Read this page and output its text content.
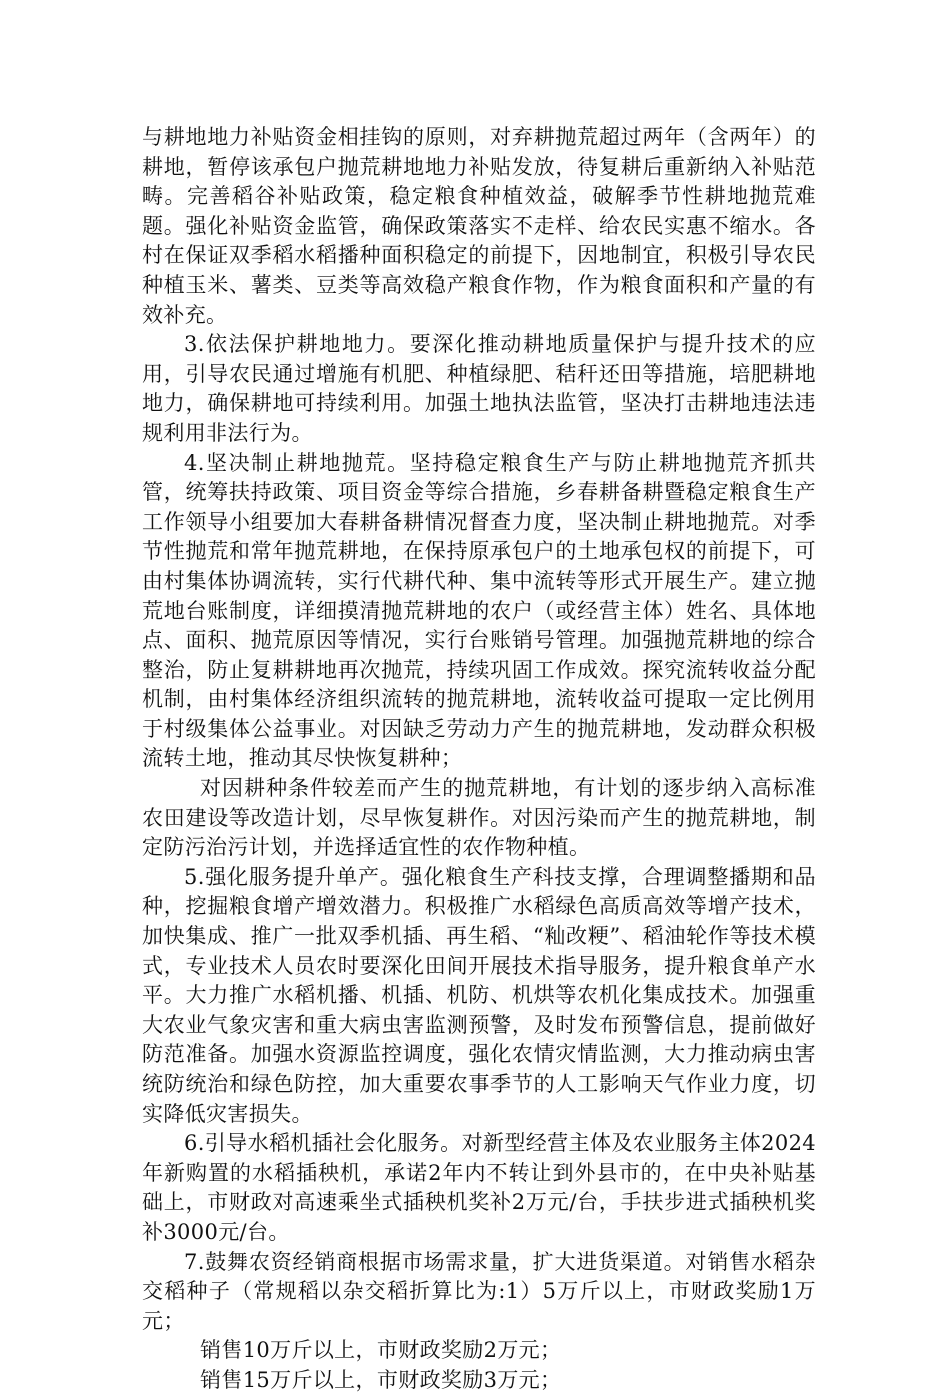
与耕地地力补贴资金相挂钩的原则，对弃耕抛荒超过两年（含两年）的耕地，暂停该承包户抛荒耕地地力补贴发放，待复耕后重新纳入补贴范畴。完善稻谷补贴政策，稳定粮食种植效益，破解季节性耕地抛荒难题。强化补贴资金监管，确保政策落实不走样、给农民实惠不缩水。各村在保证双季稻水稻播种面积稳定的前提下，因地制宜，积极引导农民种植玉米、薯类、豆类等高效稳产粮食作物，作为粮食面积和产量的有效补充。

3.依法保护耕地地力。要深化推动耕地质量保护与提升技术的应用，引导农民通过增施有机肥、种植绿肥、秸秆还田等措施，培肥耕地地力，确保耕地可持续利用。加强土地执法监管，坚决打击耕地违法违规利用非法行为。

4.坚决制止耕地抛荒。坚持稳定粮食生产与防止耕地抛荒齐抓共管，统筹扶持政策、项目资金等综合措施，乡春耕备耕暨稳定粮食生产工作领导小组要加大春耕备耕情况督查力度，坚决制止耕地抛荒。对季节性抛荒和常年抛荒耕地，在保持原承包户的土地承包权的前提下，可由村集体协调流转，实行代耕代种、集中流转等形式开展生产。建立抛荒地台账制度，详细摸清抛荒耕地的农户（或经营主体）姓名、具体地点、面积、抛荒原因等情况，实行台账销号管理。加强抛荒耕地的综合整治，防止复耕耕地再次抛荒，持续巩固工作成效。探究流转收益分配机制，由村集体经济组织流转的抛荒耕地，流转收益可提取一定比例用于村级集体公益事业。对因缺乏劳动力产生的抛荒耕地，发动群众积极流转土地，推动其尽快恢复耕种；

对因耕种条件较差而产生的抛荒耕地，有计划的逐步纳入高标准农田建设等改造计划，尽早恢复耕作。对因污染而产生的抛荒耕地，制定防污治污计划，并选择适宜性的农作物种植。

5.强化服务提升单产。强化粮食生产科技支撑，合理调整播期和品种，挖掘粮食增产增效潜力。积极推广水稻绿色高质高效等增产技术，加快集成、推广一批双季机插、再生稻、“籼改粳”、稻油轮作等技术模式，专业技术人员农时要深化田间开展技术指导服务，提升粮食单产水平。大力推广水稻机播、机插、机防、机烘等农机化集成技术。加强重大农业气象灾害和重大病虫害监测预警，及时发布预警信息，提前做好防范准备。加强水资源监控调度，强化农情灾情监测，大力推动病虫害统防统治和绿色防控，加大重要农事季节的人工影响天气作业力度，切实降低灾害损失。

6.引导水稻机插社会化服务。对新型经营主体及农业服务主体2024年新购置的水稻插秧机，承诺2年内不转让到外县市的，在中央补贴基础上，市财政对高速乘坐式插秧机奖补2万元/台，手扶步进式插秧机奖补3000元/台。

7.鼓舞农资经销商根据市场需求量，扩大进货渠道。对销售水稻杂交稻种子（常规稻以杂交稻折算比为:1）5万斤以上，市财政奖励1万元；

销售10万斤以上，市财政奖励2万元；

销售15万斤以上，市财政奖励3万元；
